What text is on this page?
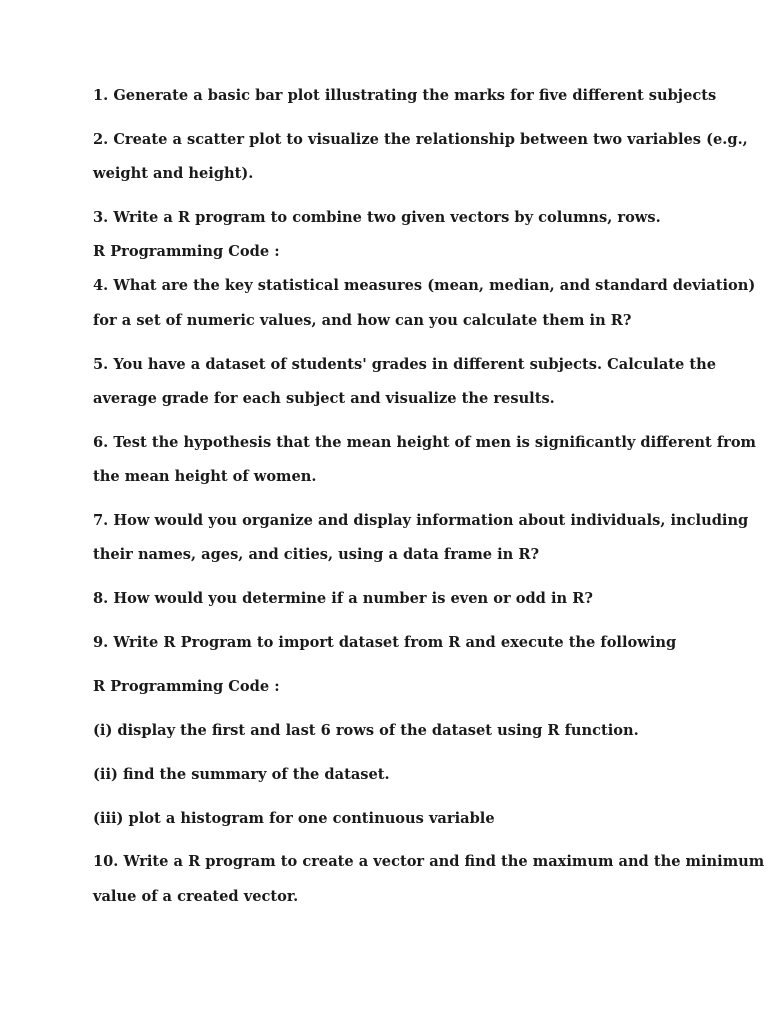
1. Generate a basic bar plot illustrating the marks for five different subjects
2. Create a scatter plot to visualize the relationship between two variables (e.g.,
weight and height).
3. Write a R program to combine two given vectors by columns, rows.
R Programming Code :
4. What are the key statistical measures (mean, median, and standard deviation)
for a set of numeric values, and how can you calculate them in R?
5. You have a dataset of students' grades in different subjects. Calculate the
average grade for each subject and visualize the results.
6. Test the hypothesis that the mean height of men is significantly different from
the mean height of women.
7. How would you organize and display information about individuals, including
their names, ages, and cities, using a data frame in R?
8. How would you determine if a number is even or odd in R?
9. Write R Program to import dataset from R and execute the following
R Programming Code :
(i) display the first and last 6 rows of the dataset using R function.
(ii) find the summary of the dataset.
(iii) plot a histogram for one continuous variable
10. Write a R program to create a vector and find the maximum and the minimum
value of a created vector.
